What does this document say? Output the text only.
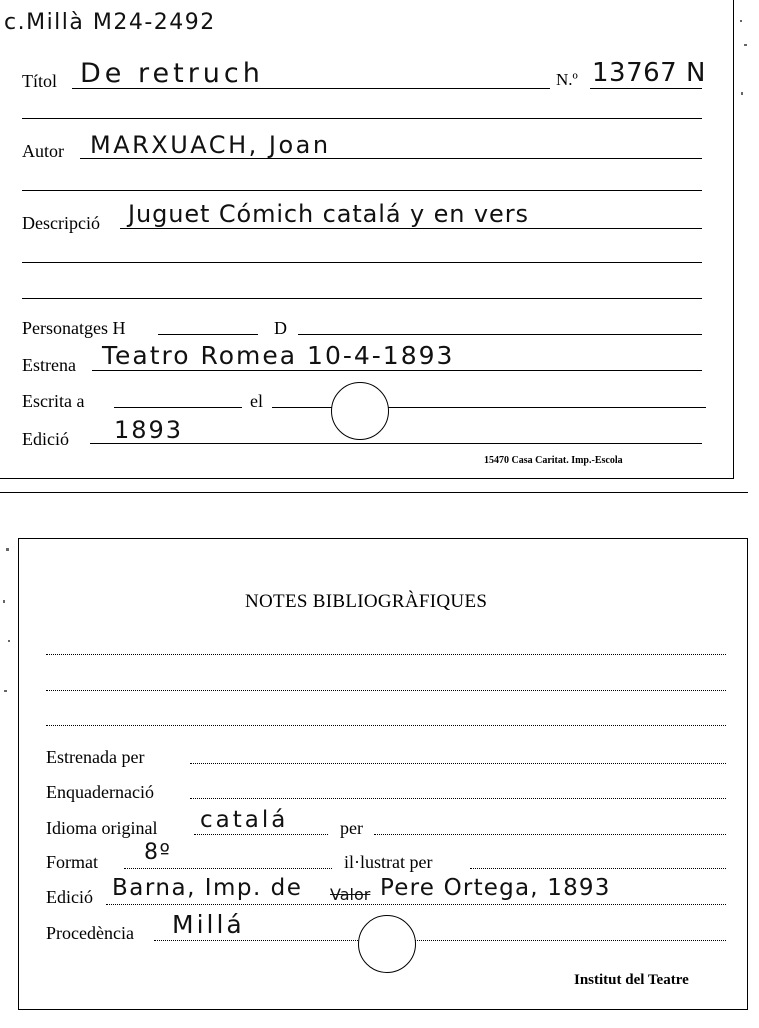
c.Millà M24-2492
Títol De retruch	N.º 13767 N
Autor MARXUACH, Joan
Descripció Juguet Cómich catalá y en vers
Personatges H	D
Estrena Teatro Romea 10-4-1893
Escrita a	el
Edició 1893
15470 Casa Caritat. Imp.-Escola
NOTES BIBLIOGRÀFIQUES
Estrenada per
Enquadernació
Idioma original catalá	per
Format 8º	il·lustrat per
Edició Barna, Imp. de Valor Pere Ortega, 1893
Procedència Millá
Institut del Teatre
